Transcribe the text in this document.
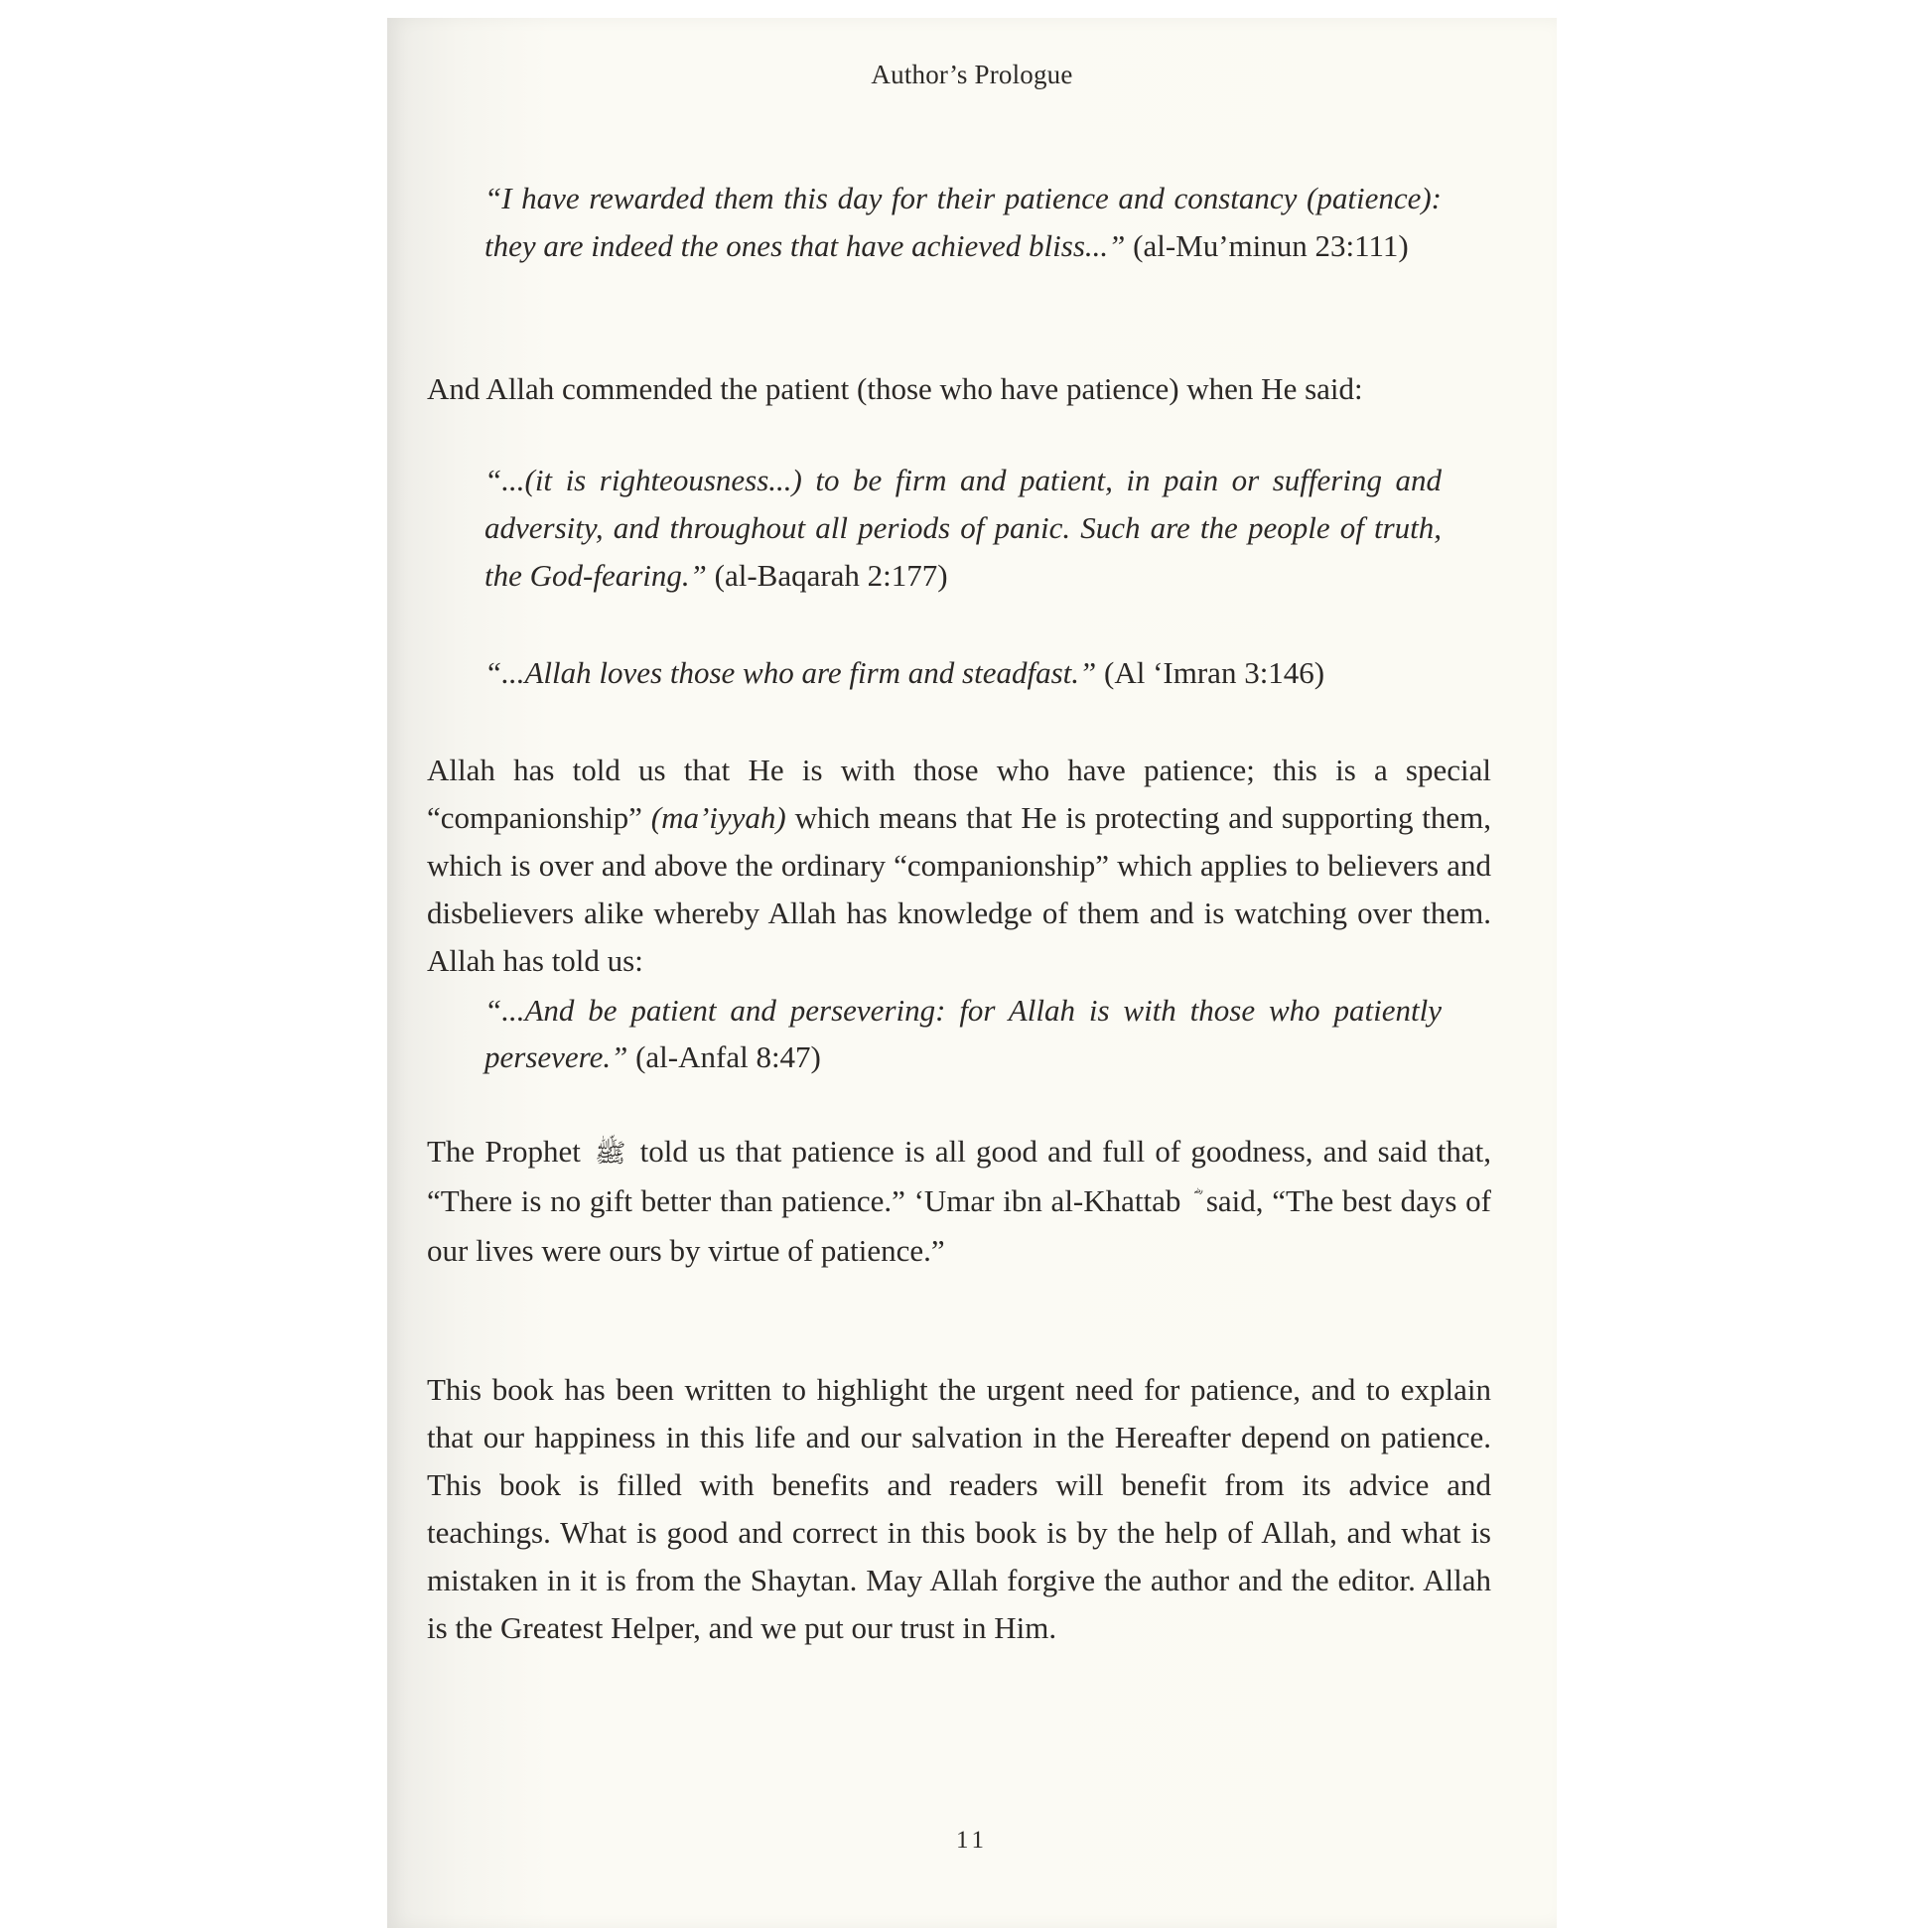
Author’s Prologue
“I have rewarded them this day for their patience and constancy (patience): they are indeed the ones that have achieved bliss...” (al-Mu’minun 23:111)
And Allah commended the patient (those who have patience) when He said:
“...(it is righteousness...) to be firm and patient, in pain or suffering and adversity, and throughout all periods of panic. Such are the people of truth, the God-fearing.” (al-Baqarah 2:177)
“...Allah loves those who are firm and steadfast.” (Al ‘Imran 3:146)
Allah has told us that He is with those who have patience; this is a special “companionship” (ma’iyyah) which means that He is protecting and supporting them, which is over and above the ordinary “companionship” which applies to believers and disbelievers alike whereby Allah has knowledge of them and is watching over them. Allah has told us:
“...And be patient and persevering: for Allah is with those who patiently persevere.” (al-Anfal 8:47)
The Prophet ﷺ told us that patience is all good and full of goodness, and said that, “There is no gift better than patience.” ‘Umar ibn al-Khattab said, “The best days of our lives were ours by virtue of patience.”
This book has been written to highlight the urgent need for patience, and to explain that our happiness in this life and our salvation in the Hereafter depend on patience. This book is filled with benefits and readers will benefit from its advice and teachings. What is good and correct in this book is by the help of Allah, and what is mistaken in it is from the Shaytan. May Allah forgive the author and the editor. Allah is the Greatest Helper, and we put our trust in Him.
11
